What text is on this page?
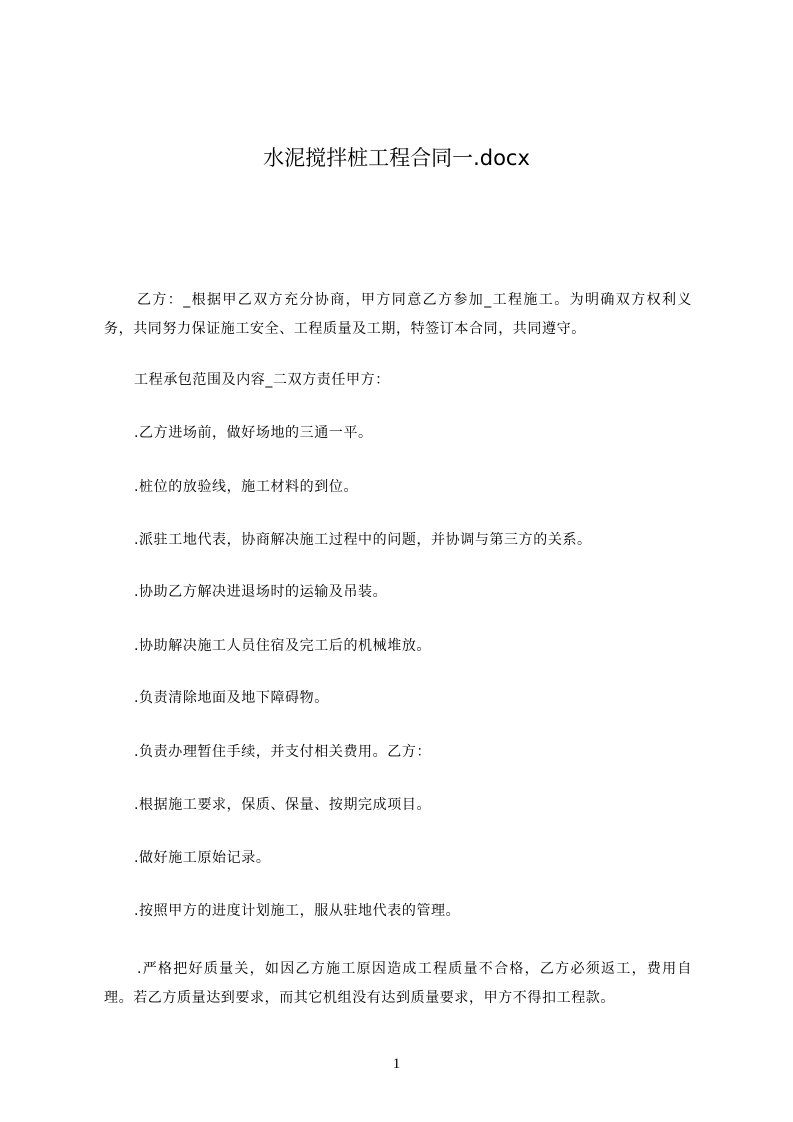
水泥搅拌桩工程合同一.docx
乙方：_根据甲乙双方充分协商，甲方同意乙方参加_工程施工。为明确双方权利义务，共同努力保证施工安全、工程质量及工期，特签订本合同，共同遵守。
工程承包范围及内容_二双方责任甲方：
.乙方进场前，做好场地的三通一平。
.桩位的放验线，施工材料的到位。
.派驻工地代表，协商解决施工过程中的问题，并协调与第三方的关系。
.协助乙方解决进退场时的运输及吊装。
.协助解决施工人员住宿及完工后的机械堆放。
.负责清除地面及地下障碍物。
.负责办理暂住手续，并支付相关费用。乙方：
.根据施工要求，保质、保量、按期完成项目。
.做好施工原始记录。
.按照甲方的进度计划施工，服从驻地代表的管理。
.严格把好质量关，如因乙方施工原因造成工程质量不合格，乙方必须返工，费用自理。若乙方质量达到要求，而其它机组没有达到质量要求，甲方不得扣工程款。
1
